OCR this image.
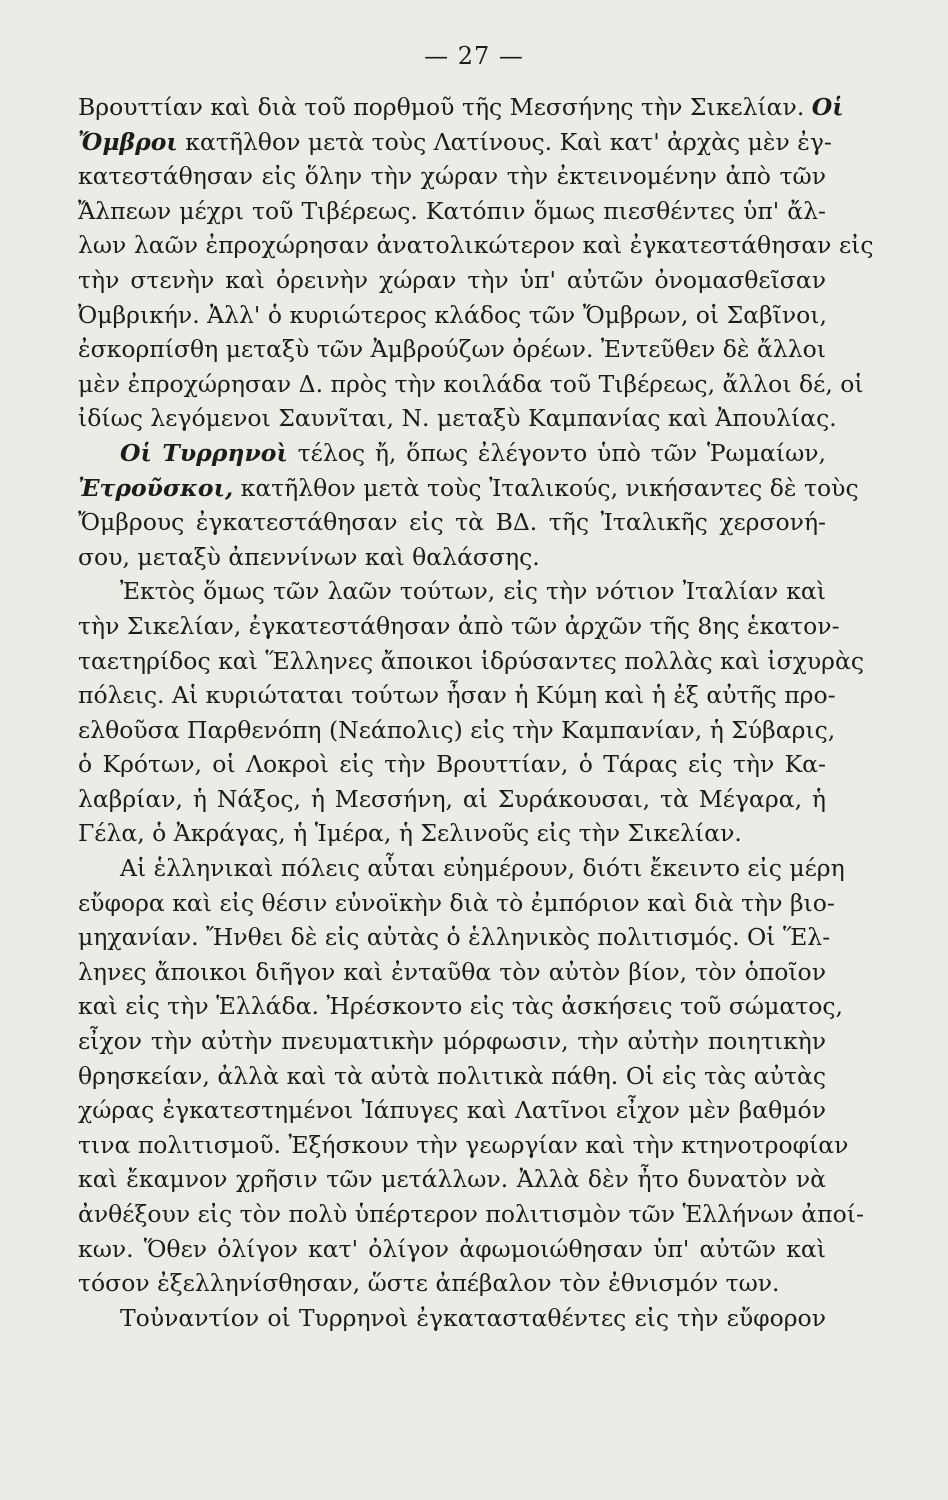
— 27 —
Βρουττίαν καὶ διὰ τοῦ πορθμοῦ τῆς Μεσσήνης τὴν Σικελίαν. Οἱ
Ὄμβροι κατῆλθον μετὰ τοὺς Λατίνους. Καὶ κατ' ἀρχὰς μὲν ἐγ-
κατεστάθησαν εἰς ὅλην τὴν χώραν τὴν ἐκτεινομένην ἀπὸ τῶν
Ἄλπεων μέχρι τοῦ Τιβέρεως. Κατόπιν ὅμως πιεσθέντες ὑπ' ἄλ-
λων λαῶν ἐπροχώρησαν ἀνατολικώτερον καὶ ἐγκατεστάθησαν εἰς
τὴν στενὴν καὶ ὀρεινὴν χώραν τὴν ὑπ' αὐτῶν ὀνομασθεῖσαν
Ὀμβρικήν. Ἀλλ' ὁ κυριώτερος κλάδος τῶν Ὄμβρων, οἱ Σαβῖνοι,
ἐσκορπίσθη μεταξὺ τῶν Ἀμβρούζων ὀρέων. Ἐντεῦθεν δὲ ἄλλοι
μὲν ἐπροχώρησαν Δ. πρὸς τὴν κοιλάδα τοῦ Τιβέρεως, ἄλλοι δέ, οἱ
ἰδίως λεγόμενοι Σαυνῖται, Ν. μεταξὺ Καμπανίας καὶ Ἀπουλίας.
Οἱ Τυρρηνοὶ τέλος ἤ, ὅπως ἐλέγοντο ὑπὸ τῶν Ῥωμαίων,
Ἐτροῦσκοι, κατῆλθον μετὰ τοὺς Ἰταλικούς, νικήσαντες δὲ τοὺς
Ὄμβρους ἐγκατεστάθησαν εἰς τὰ ΒΔ. τῆς Ἰταλικῆς χερσονή-
σου, μεταξὺ ἀπεννίνων καὶ θαλάσσης.
Ἐκτὸς ὅμως τῶν λαῶν τούτων, εἰς τὴν νότιον Ἰταλίαν καὶ
τὴν Σικελίαν, ἐγκατεστάθησαν ἀπὸ τῶν ἀρχῶν τῆς 8ης ἑκατον-
ταετηρίδος καὶ Ἕλληνες ἄποικοι ἱδρύσαντες πολλὰς καὶ ἰσχυρὰς
πόλεις. Αἱ κυριώταται τούτων ἦσαν ἡ Κύμη καὶ ἡ ἐξ αὐτῆς προ-
ελθοῦσα Παρθενόπη (Νεάπολις) εἰς τὴν Καμπανίαν, ἡ Σύβαρις,
ὁ Κρότων, οἱ Λοκροὶ εἰς τὴν Βρουττίαν, ὁ Τάρας εἰς τὴν Κα-
λαβρίαν, ἡ Νάξος, ἡ Μεσσήνη, αἱ Συράκουσαι, τὰ Μέγαρα, ἡ
Γέλα, ὁ Ἀκράγας, ἡ Ἱμέρα, ἡ Σελινοῦς εἰς τὴν Σικελίαν.
Αἱ ἑλληνικαὶ πόλεις αὗται εὐημέρουν, διότι ἔκειντο εἰς μέρη
εὔφορα καὶ εἰς θέσιν εὐνοϊκὴν διὰ τὸ ἐμπόριον καὶ διὰ τὴν βιο-
μηχανίαν. Ἤνθει δὲ εἰς αὐτὰς ὁ ἑλληνικὸς πολιτισμός. Οἱ Ἕλ-
ληνες ἄποικοι διῆγον καὶ ἐνταῦθα τὸν αὐτὸν βίον, τὸν ὁποῖον
καὶ εἰς τὴν Ἑλλάδα. Ἠρέσκοντο εἰς τὰς ἀσκήσεις τοῦ σώματος,
εἶχον τὴν αὐτὴν πνευματικὴν μόρφωσιν, τὴν αὐτὴν ποιητικὴν
θρησκείαν, ἀλλὰ καὶ τὰ αὐτὰ πολιτικὰ πάθη. Οἱ εἰς τὰς αὐτὰς
χώρας ἐγκατεστημένοι Ἰάπυγες καὶ Λατῖνοι εἶχον μὲν βαθμόν
τινα πολιτισμοῦ. Ἐξήσκουν τὴν γεωργίαν καὶ τὴν κτηνοτροφίαν
καὶ ἔκαμνον χρῆσιν τῶν μετάλλων. Ἀλλὰ δὲν ἦτο δυνατὸν νὰ
ἀνθέξουν εἰς τὸν πολὺ ὑπέρτερον πολιτισμὸν τῶν Ἑλλήνων ἀποί-
κων. Ὅθεν ὀλίγον κατ' ὀλίγον ἀφωμοιώθησαν ὑπ' αὐτῶν καὶ
τόσον ἐξελληνίσθησαν, ὥστε ἀπέβαλον τὸν ἐθνισμόν των.
Τοὐναντίον οἱ Τυρρηνοὶ ἐγκατασταθέντες εἰς τὴν εὔφορον
